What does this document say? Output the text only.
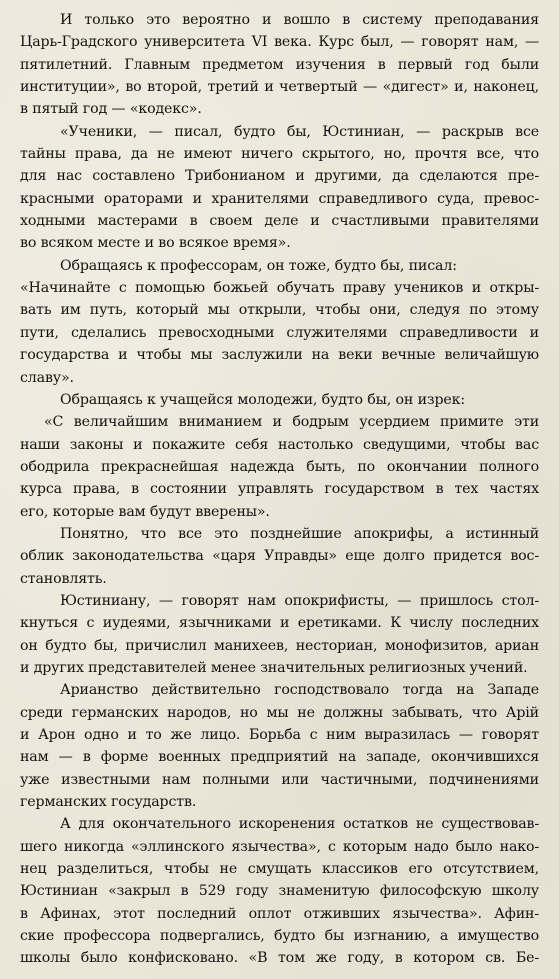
И только это вероятно и вошло в систему преподавания
Царь-Градского университета VI века. Курс был, — говорят нам, —
пятилетний. Главным предметом изучения в первый год были
институции», во второй, третий и четвертый — «дигест» и, наконец,
в пятый год — «кодекс».
«Ученики, — писал, будто бы, Юстиниан, — раскрыв все
тайны права, да не имеют ничего скрытого, но, прочтя все, что
для нас составлено Трибонианом и другими, да сделаются пре-
красными ораторами и хранителями справедливого суда, превос-
ходными мастерами в своем деле и счастливыми правителями
во всяком месте и во всякое время».
Обращаясь к профессорам, он тоже, будто бы, писал:
«Начинайте с помощью божьей обучать праву учеников и откры-
вать им путь, который мы открыли, чтобы они, следуя по этому
пути, сделались превосходными служителями справедливости и
государства и чтобы мы заслужили на веки вечные величайшую
славу».
Обращаясь к учащейся молодежи, будто бы, он изрек:
«С величайшим вниманием и бодрым усердием примите эти
наши законы и покажите себя настолько сведущими, чтобы вас
ободрила прекраснейшая надежда быть, по окончании полного
курса права, в состоянии управлять государством в тех частях
его, которые вам будут вверены».
Понятно, что все это позднейшие апокрифы, а истинный
облик законодательства «царя Управды» еще долго придется вос-
становлять.
Юстиниану, — говорят нам опокрифисты, — пришлось стол-
кнуться с иудеями, язычниками и еретиками. К числу последних
он будто бы, причислил манихеев, несториан, монофизитов, ариан
и других представителей менее значительных религиозных учений.
Арианство действительно господствовало тогда на Западе
среди германских народов, но мы не должны забывать, что Арій
и Арон одно и то же лицо. Борьба с ним выразилась — говорят
нам — в форме военных предприятий на западе, окончившихся
уже известными нам полными или частичными, подчинениями
германских государств.
А для окончательного искоренения остатков не существовав-
шего никогда «эллинского язычества», с которым надо было нако-
нец разделиться, чтобы не смущать классиков его отсутствием,
Юстиниан «закрыл в 529 году знаменитую философскую школу
в Афинах, этот последний оплот отживших язычества». Афин-
ские профессора подвергались, будто бы изгнанию, а имущество
школы было конфисковано. «В том же году, в котором св. Бе-
